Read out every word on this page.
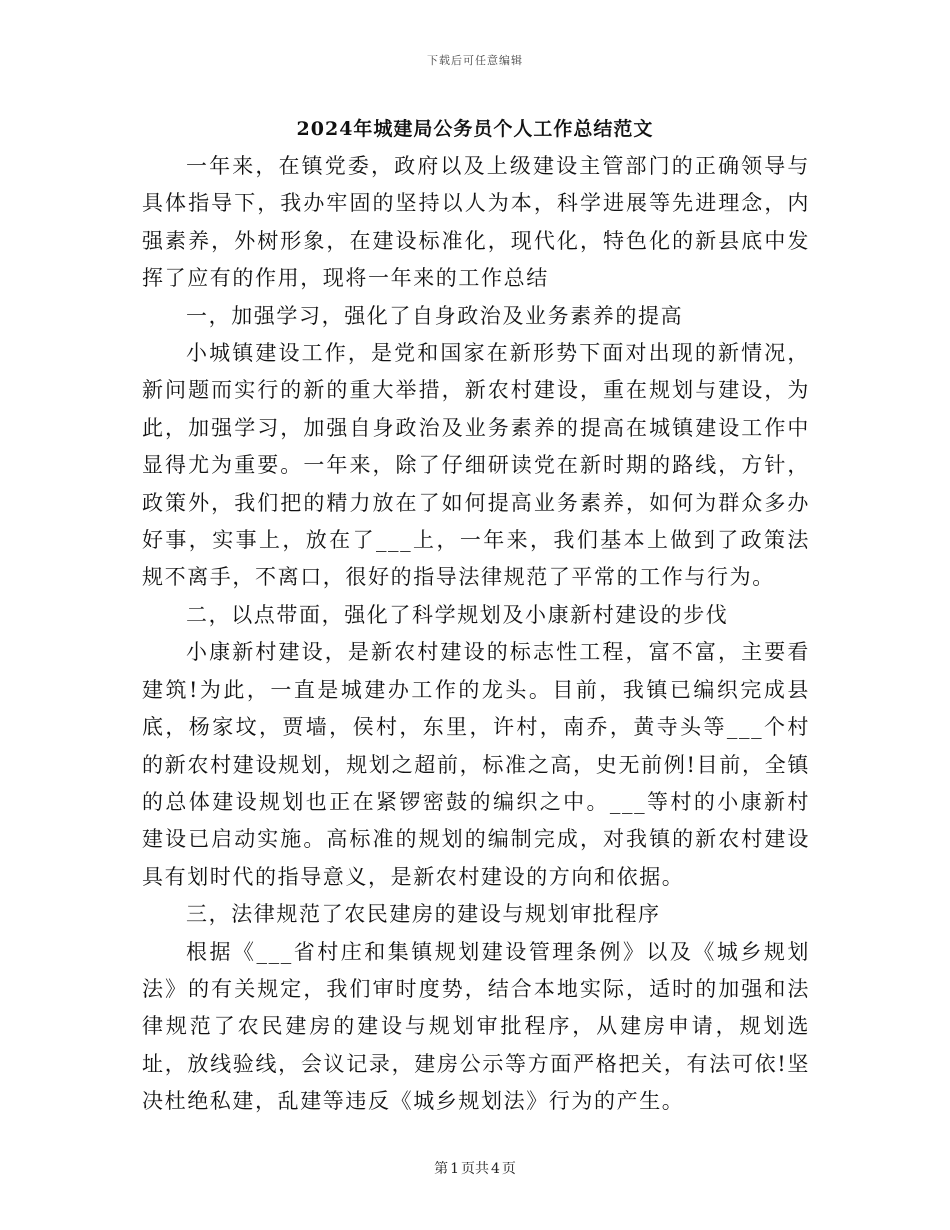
下载后可任意编辑
2024年城建局公务员个人工作总结范文

一年来，在镇党委，政府以及上级建设主管部门的正确领导与具体指导下，我办牢固的坚持以人为本，科学进展等先进理念，内强素养，外树形象，在建设标准化，现代化，特色化的新县底中发挥了应有的作用，现将一年来的工作总结

一，加强学习，强化了自身政治及业务素养的提高

小城镇建设工作，是党和国家在新形势下面对出现的新情况，新问题而实行的新的重大举措，新农村建设，重在规划与建设，为此，加强学习，加强自身政治及业务素养的提高在城镇建设工作中显得尤为重要。一年来，除了仔细研读党在新时期的路线，方针，政策外，我们把的精力放在了如何提高业务素养，如何为群众多办好事，实事上，放在了___上，一年来，我们基本上做到了政策法规不离手，不离口，很好的指导法律规范了平常的工作与行为。

二，以点带面，强化了科学规划及小康新村建设的步伐

小康新村建设，是新农村建设的标志性工程，富不富，主要看建筑!为此，一直是城建办工作的龙头。目前，我镇已编织完成县底，杨家坟，贾墙，侯村，东里，许村，南乔，黄寺头等___个村的新农村建设规划，规划之超前，标准之高，史无前例!目前，全镇的总体建设规划也正在紧锣密鼓的编织之中。___等村的小康新村建设已启动实施。高标准的规划的编制完成，对我镇的新农村建设具有划时代的指导意义，是新农村建设的方向和依据。

三，法律规范了农民建房的建设与规划审批程序

根据《___省村庄和集镇规划建设管理条例》以及《城乡规划法》的有关规定，我们审时度势，结合本地实际，适时的加强和法律规范了农民建房的建设与规划审批程序，从建房申请，规划选址，放线验线，会议记录，建房公示等方面严格把关，有法可依!坚决杜绝私建，乱建等违反《城乡规划法》行为的产生。

第 1 页共 4 页
